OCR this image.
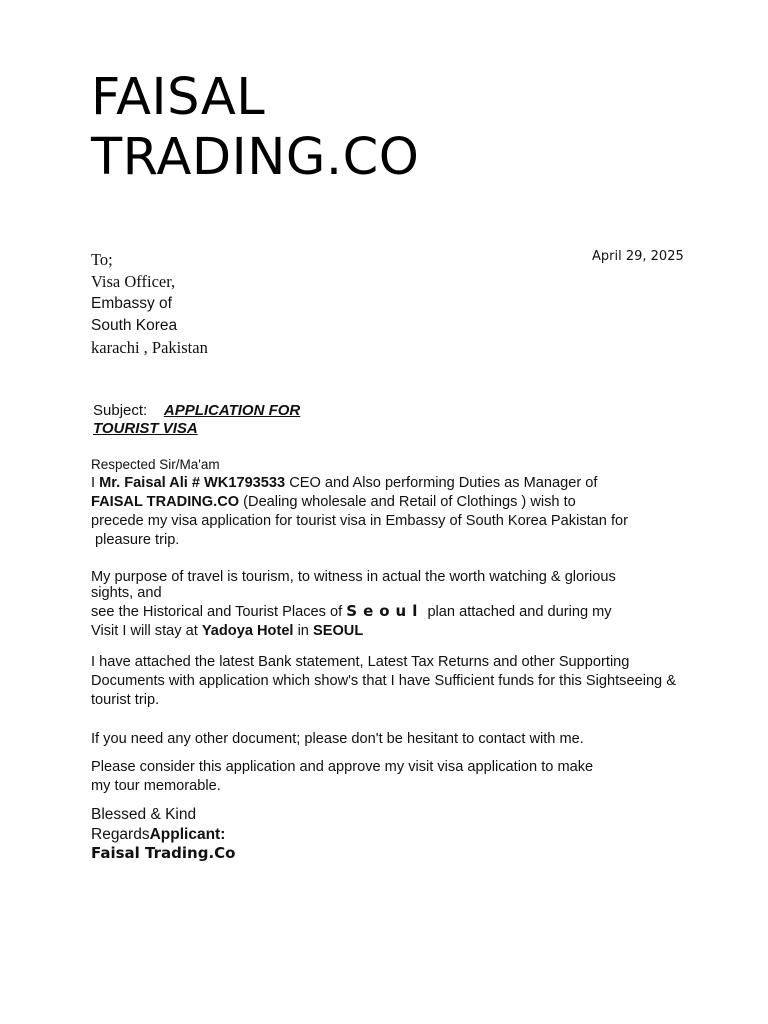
FAISAL
TRADING.CO
April 29, 2025
To;
Visa Officer,
Embassy of
South Korea
karachi , Pakistan
Subject: APPLICATION FOR
TOURIST VISA
Respected Sir/Ma'am
I Mr. Faisal Ali # WK1793533 CEO and Also performing Duties as Manager of
FAISAL TRADING.CO (Dealing wholesale and Retail of Clothings ) wish to
precede my visa application for tourist visa in Embassy of South Korea Pakistan for
pleasure trip.
My purpose of travel is tourism, to witness in actual the worth watching & glorious
sights, and
see the Historical and Tourist Places of Seoul plan attached and during my
Visit I will stay at Yadoya Hotel in SEOUL
I have attached the latest Bank statement, Latest Tax Returns and other Supporting
Documents with application which show's that I have Sufficient funds for this Sightseeing &
tourist trip.
If you need any other document; please don't be hesitant to contact with me.
Please consider this application and approve my visit visa application to make
my tour memorable.
Blessed & Kind
RegardsApplicant:
Faisal Trading.Co
